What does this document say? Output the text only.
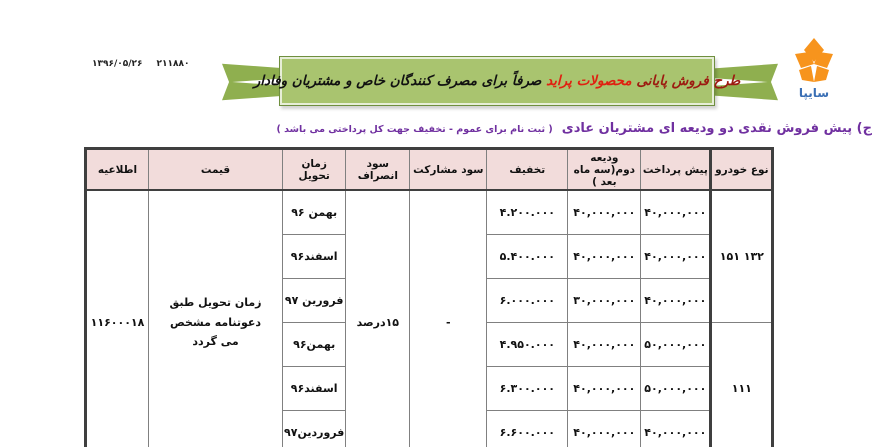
سایپا
۱۳۹۶/۰۵/۲۶ ۲۱۱۸۸۰
طرح فروش پایانی محصولات پراید صرفاً برای مصرف کنندگان خاص و مشتریان وفادار
ج) پیش فروش نقدی دو ودیعه ای مشتریان عادی ( ثبت نام برای عموم - تخفیف جهت کل پرداختی می باشد )
نوع خودرو	پیش پرداخت	ودیعه دوم(سه ماه بعد )	تخفیف	سود مشارکت	سود انصراف	زمان تحویل	قیمت	اطلاعیه
۱۵۱ ۱۳۲	۴۰,۰۰۰,۰۰۰	۴۰,۰۰۰,۰۰۰	۴.۲۰۰.۰۰۰	-	۱۵درصد	بهمن ۹۶	زمان تحویل طبق دعوتنامه مشخص می گردد	۱۱۶۰۰۰۱۸
	۴۰,۰۰۰,۰۰۰	۴۰,۰۰۰,۰۰۰	۵.۴۰۰.۰۰۰			اسفند۹۶		
	۴۰,۰۰۰,۰۰۰	۳۰,۰۰۰,۰۰۰	۶.۰۰۰.۰۰۰			فرورین ۹۷		
۱۱۱	۵۰,۰۰۰,۰۰۰	۴۰,۰۰۰,۰۰۰	۴.۹۵۰.۰۰۰			بهمن۹۶		
	۵۰,۰۰۰,۰۰۰	۴۰,۰۰۰,۰۰۰	۶.۳۰۰.۰۰۰			اسفند۹۶		
	۴۰,۰۰۰,۰۰۰	۴۰,۰۰۰,۰۰۰	۶.۶۰۰.۰۰۰			فروردین۹۷		
